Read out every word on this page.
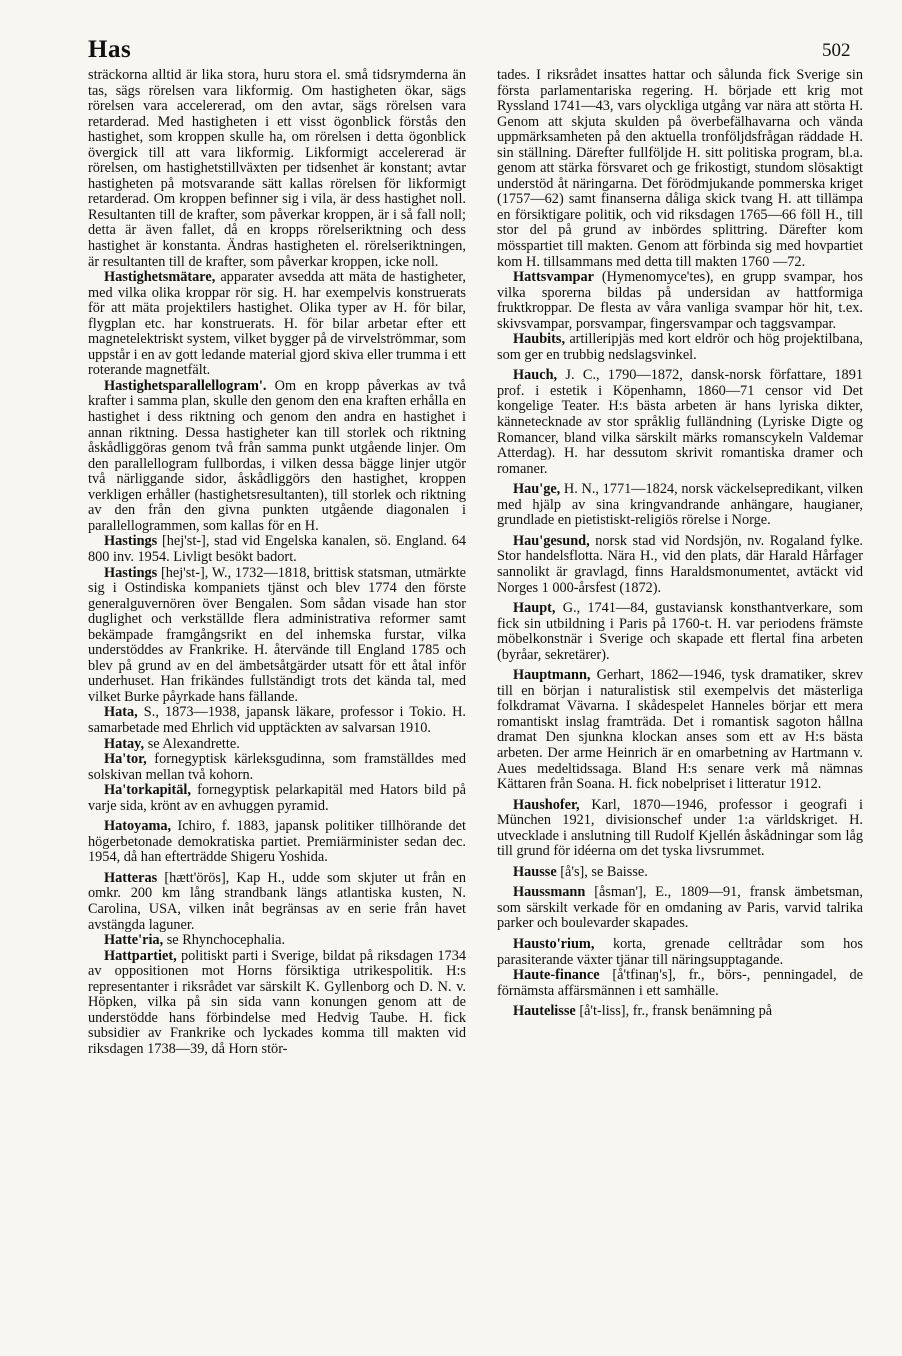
Has	502

sträckorna alltid är lika stora, huru stora el. små tidsrymderna än tas, sägs rörelsen vara likformig. Om hastigheten ökar, sägs rörelsen vara accelererad, om den avtar, sägs rörelsen vara retarderad. Med hastigheten i ett visst ögonblick förstås den hastighet, som kroppen skulle ha, om rörelsen i detta ögonblick övergick till att vara likformig. Likformigt accelererad är rörelsen, om hastighetstillväxten per tidsenhet är konstant; avtar hastigheten på motsvarande sätt kallas rörelsen för likformigt retarderad. Om kroppen befinner sig i vila, är dess hastighet noll. Resultanten till de krafter, som påverkar kroppen, är i så fall noll; detta är även fallet, då en kropps rörelseriktning och dess hastighet är konstanta. Ändras hastigheten el. rörelseriktningen, är resultanten till de krafter, som påverkar kroppen, icke noll.

Hastighetsmätare, apparater avsedda att mäta de hastigheter, med vilka olika kroppar rör sig. H. har exempelvis konstruerats för att mäta projektilers hastighet. Olika typer av H. för bilar, flygplan etc. har konstruerats. H. för bilar arbetar efter ett magnetelektriskt system, vilket bygger på de virvelströmmar, som uppstår i en av gott ledande material gjord skiva eller trumma i ett roterande magnetfält.

Hastighetsparallellogram'. Om en kropp påverkas av två krafter i samma plan, skulle den genom den ena kraften erhålla en hastighet i dess riktning och genom den andra en hastighet i annan riktning. Dessa hastigheter kan till storlek och riktning åskådliggöras genom två från samma punkt utgående linjer. Om den parallellogram fullbordas, i vilken dessa bägge linjer utgör två närliggande sidor, åskådliggörs den hastighet, kroppen verkligen erhåller (hastighetsresultanten), till storlek och riktning av den från den givna punkten utgående diagonalen i parallellogrammen, som kallas för en H.

Hastings [hej'st-], stad vid Engelska kanalen, sö. England. 64 800 inv. 1954. Livligt besökt badort.

Hastings [hej'st-], W., 1732—1818, brittisk statsman, utmärkte sig i Ostindiska kompaniets tjänst och blev 1774 den förste generalguvernören över Bengalen. Som sådan visade han stor duglighet och verkställde flera administrativa reformer samt bekämpade framgångsrikt en del inhemska furstar, vilka understöddes av Frankrike. H. återvände till England 1785 och blev på grund av en del ämbetsåtgärder utsatt för ett åtal inför underhuset. Han frikändes fullständigt trots det kända tal, med vilket Burke påyrkade hans fällande.

Hata, S., 1873—1938, japansk läkare, professor i Tokio. H. samarbetade med Ehrlich vid upptäckten av salvarsan 1910.

Hatay, se Alexandrette.

Ha'tor, fornegyptisk kärleksgudinna, som framställdes med solskivan mellan två kohorn.

Ha'torkapitäl, fornegyptisk pelarkapitäl med Hators bild på varje sida, krönt av en avhuggen pyramid.

Hatoyama, Ichiro, f. 1883, japansk politiker tillhörande det högerbetonade demokratiska partiet. Premiärminister sedan dec. 1954, då han efterträdde Shigeru Yoshida.

Hatteras [hætt'örös], Kap H., udde som skjuter ut från en omkr. 200 km lång strandbank längs atlantiska kusten, N. Carolina, USA, vilken inåt begränsas av en serie från havet avstängda laguner.

Hatte'ria, se Rhynchocephalia.

Hattpartiet, politiskt parti i Sverige, bildat på riksdagen 1734 av oppositionen mot Horns försiktiga utrikespolitik. H:s representanter i riksrådet var särskilt K. Gyllenborg och D. N. v. Höpken, vilka på sin sida vann konungen genom att de understödde hans förbindelse med Hedvig Taube. H. fick subsidier av Frankrike och lyckades komma till makten vid riksdagen 1738—39, då Horn stör-

tades. I riksrådet insattes hattar och sålunda fick Sverige sin första parlamentariska regering. H. började ett krig mot Ryssland 1741—43, vars olyckliga utgång var nära att störta H. Genom att skjuta skulden på överbefälhavarna och vända uppmärksamheten på den aktuella tronföljdsfrågan räddade H. sin ställning. Därefter fullföljde H. sitt politiska program, bl.a. genom att stärka försvaret och ge frikostigt, stundom slösaktigt understöd åt näringarna. Det förödmjukande pommerska kriget (1757—62) samt finanserna dåliga skick tvang H. att tillämpa en försiktigare politik, och vid riksdagen 1765—66 föll H., till stor del på grund av inbördes splittring. Därefter kom mösspartiet till makten. Genom att förbinda sig med hovpartiet kom H. tillsammans med detta till makten 1760 —72.

Hattsvampar (Hymenomyce'tes), en grupp svampar, hos vilka sporerna bildas på undersidan av hattformiga fruktkroppar. De flesta av våra vanliga svampar hör hit, t.ex. skivsvampar, porsvampar, fingersvampar och taggsvampar.

Haubits, artilleripjäs med kort eldrör och hög projektilbana, som ger en trubbig nedslagsvinkel.

Hauch, J. C., 1790—1872, dansk-norsk författare, 1891 prof. i estetik i Köpenhamn, 1860—71 censor vid Det kongelige Teater. H:s bästa arbeten är hans lyriska dikter, kännetecknade av stor språklig fulländning (Lyriske Digte og Romancer, bland vilka särskilt märks romanscykeln Valdemar Atterdag). H. har dessutom skrivit romantiska dramer och romaner.

Hau'ge, H. N., 1771—1824, norsk väckelsepredikant, vilken med hjälp av sina kringvandrande anhängare, haugianer, grundlade en pietistiskt-religiös rörelse i Norge.

Hau'gesund, norsk stad vid Nordsjön, nv. Rogaland fylke. Stor handelsflotta. Nära H., vid den plats, där Harald Hårfager sannolikt är gravlagd, finns Haraldsmonumentet, avtäckt vid Norges 1 000-årsfest (1872).

Haupt, G., 1741—84, gustaviansk konsthantverkare, som fick sin utbildning i Paris på 1760-t. H. var periodens främste möbelkonstnär i Sverige och skapade ett flertal fina arbeten (byråar, sekretärer).

Hauptmann, Gerhart, 1862—1946, tysk dramatiker, skrev till en början i naturalistisk stil exempelvis det mästerliga folkdramat Vävarna. I skådespelet Hanneles börjar ett mera romantiskt inslag framträda. Det i romantisk sagoton hållna dramat Den sjunkna klockan anses som ett av H:s bästa arbeten. Der arme Heinrich är en omarbetning av Hartmann v. Aues medeltidssaga. Bland H:s senare verk må nämnas Kättaren från Soana. H. fick nobelpriset i litteratur 1912.

Haushofer, Karl, 1870—1946, professor i geografi i München 1921, divisionschef under 1:a världskriget. H. utvecklade i anslutning till Rudolf Kjellén åskådningar som låg till grund för idéerna om det tyska livsrummet.

Hausse [å's], se Baisse.

Haussmann [åsman'], E., 1809—91, fransk ämbetsman, som särskilt verkade för en omdaning av Paris, varvid talrika parker och boulevarder skapades.

Hausto'rium, korta, grenade celltrådar som hos parasiterande växter tjänar till näringsupptagande.

Haute-finance [å'tfinaŋ's], fr., börs-, penningadel, de förnämsta affärsmännen i ett samhälle.

Hautelisse [å't-liss], fr., fransk benämning på
